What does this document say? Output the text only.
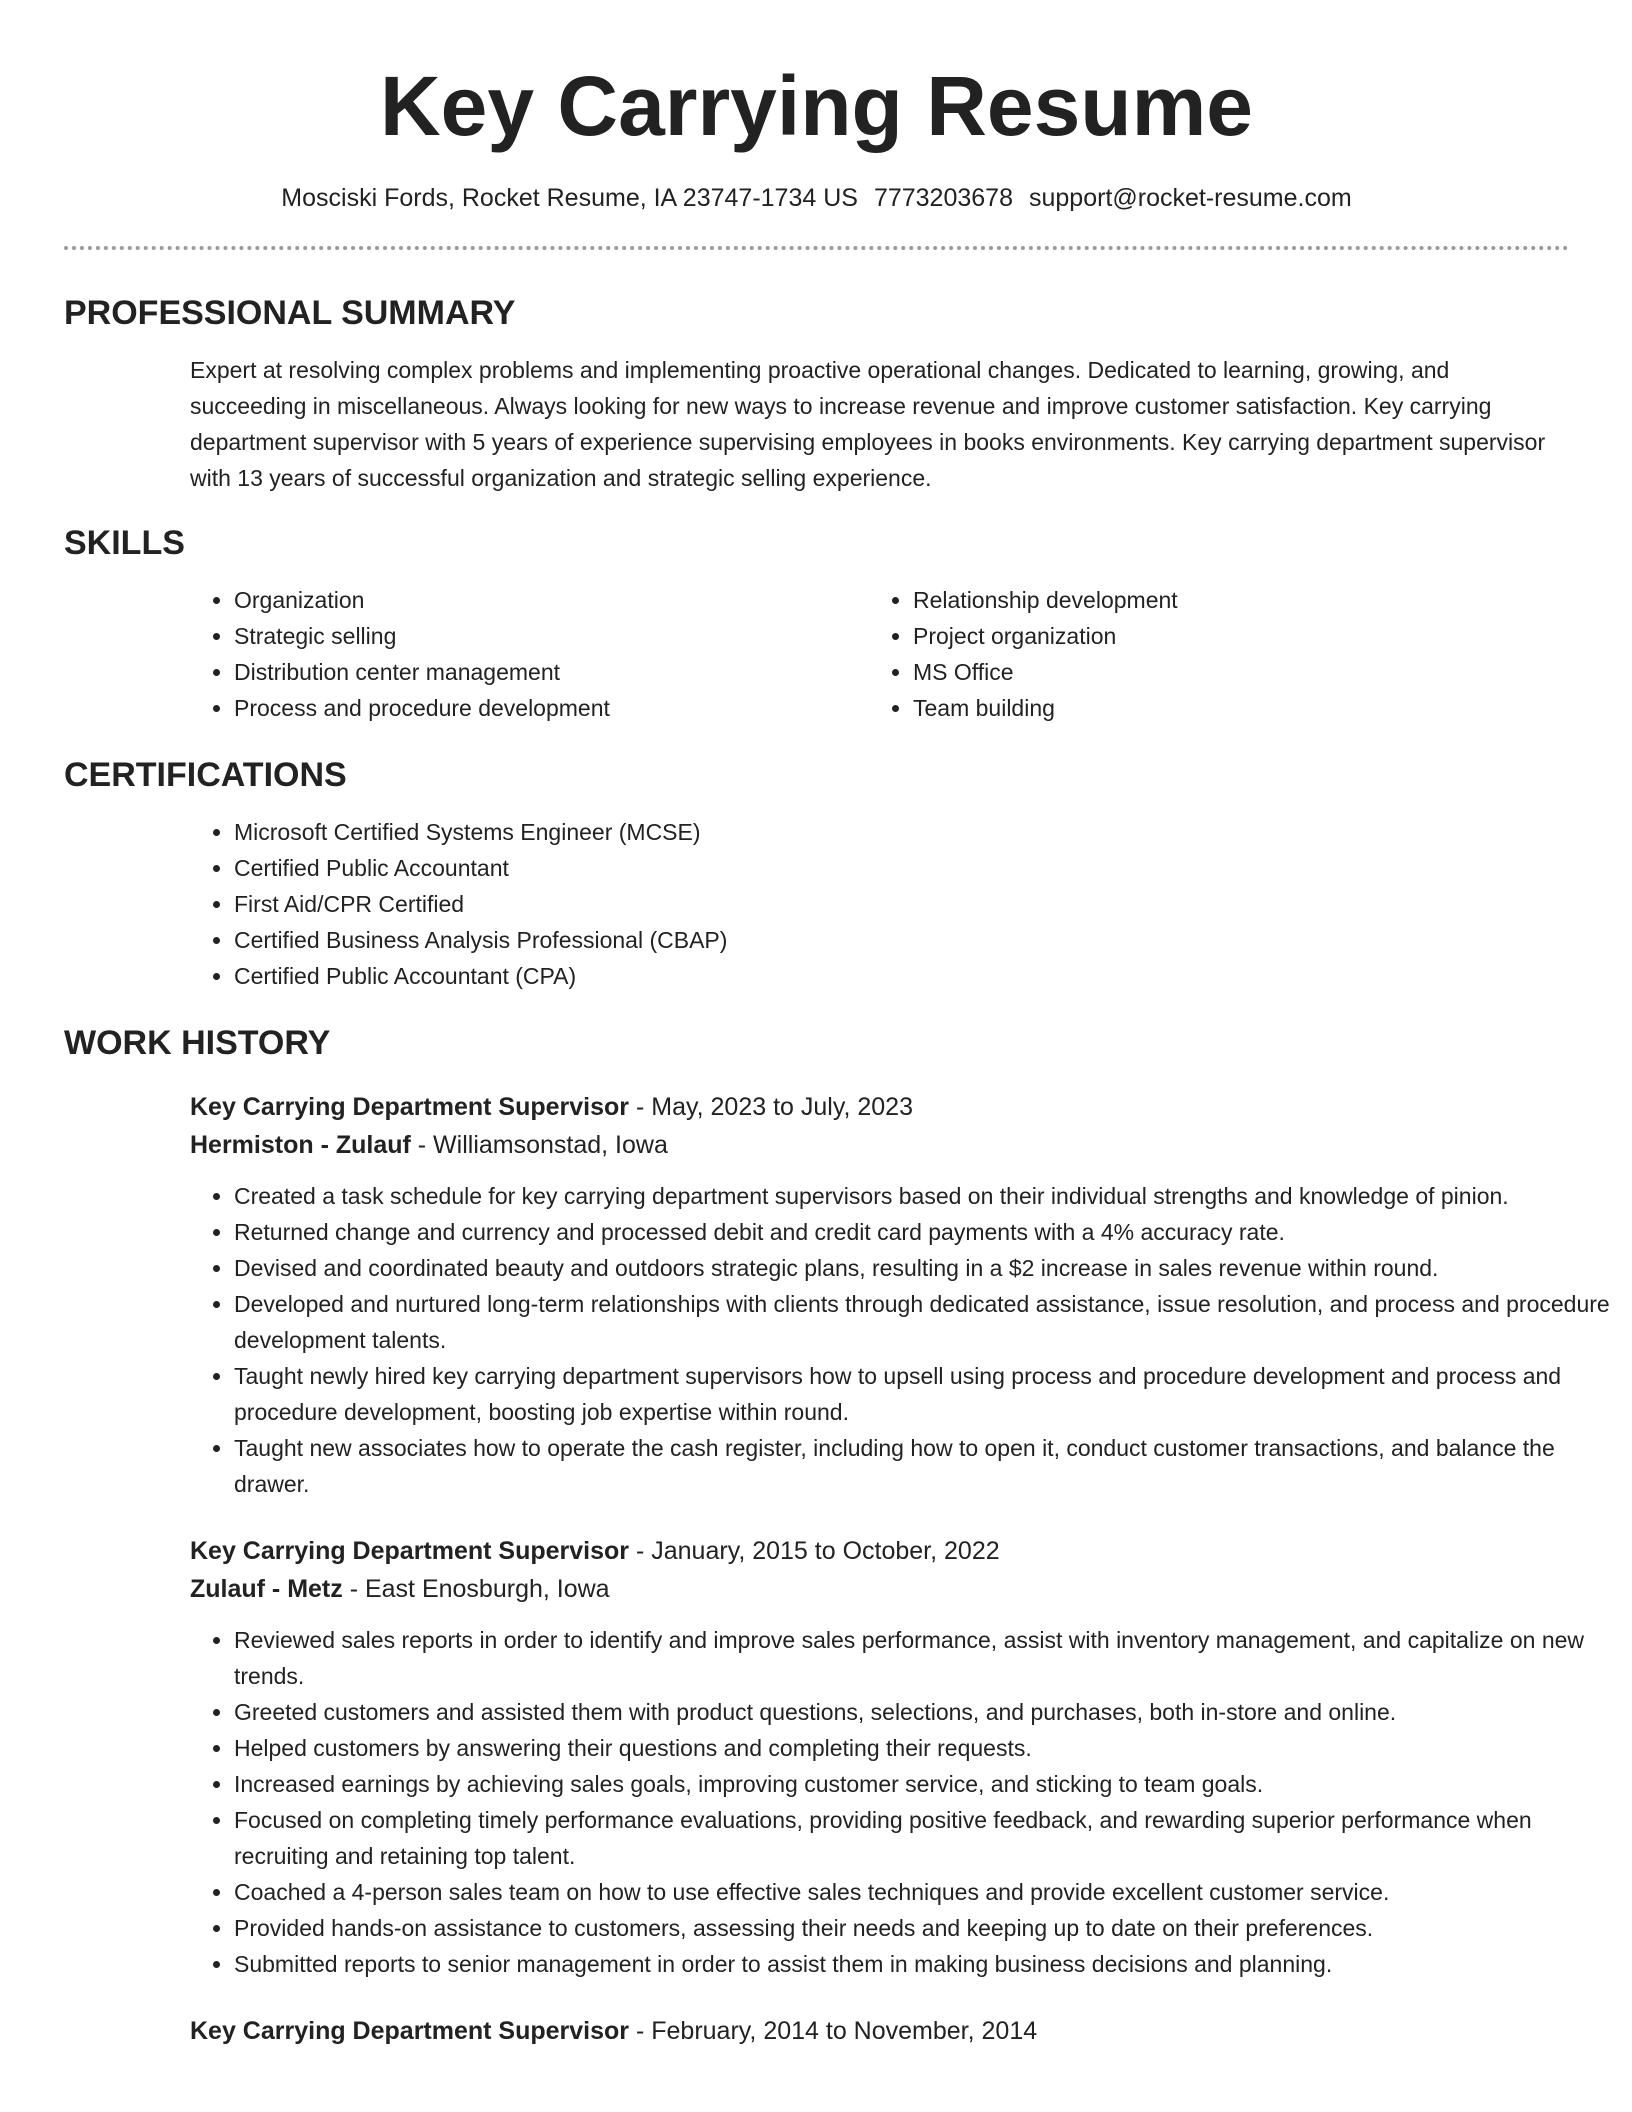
Key Carrying Resume
Mosciski Fords, Rocket Resume, IA 23747-1734 US 7773203678 support@rocket-resume.com
PROFESSIONAL SUMMARY
Expert at resolving complex problems and implementing proactive operational changes. Dedicated to learning, growing, and succeeding in miscellaneous. Always looking for new ways to increase revenue and improve customer satisfaction. Key carrying department supervisor with 5 years of experience supervising employees in books environments. Key carrying department supervisor with 13 years of successful organization and strategic selling experience.
SKILLS
• Organization
• Strategic selling
• Distribution center management
• Process and procedure development
• Relationship development
• Project organization
• MS Office
• Team building
CERTIFICATIONS
• Microsoft Certified Systems Engineer (MCSE)
• Certified Public Accountant
• First Aid/CPR Certified
• Certified Business Analysis Professional (CBAP)
• Certified Public Accountant (CPA)
WORK HISTORY
Key Carrying Department Supervisor - May, 2023 to July, 2023
Hermiston - Zulauf - Williamsonstad, Iowa
• Created a task schedule for key carrying department supervisors based on their individual strengths and knowledge of pinion.
• Returned change and currency and processed debit and credit card payments with a 4% accuracy rate.
• Devised and coordinated beauty and outdoors strategic plans, resulting in a $2 increase in sales revenue within round.
• Developed and nurtured long-term relationships with clients through dedicated assistance, issue resolution, and process and procedure development talents.
• Taught newly hired key carrying department supervisors how to upsell using process and procedure development and process and procedure development, boosting job expertise within round.
• Taught new associates how to operate the cash register, including how to open it, conduct customer transactions, and balance the drawer.
Key Carrying Department Supervisor - January, 2015 to October, 2022
Zulauf - Metz - East Enosburgh, Iowa
• Reviewed sales reports in order to identify and improve sales performance, assist with inventory management, and capitalize on new trends.
• Greeted customers and assisted them with product questions, selections, and purchases, both in-store and online.
• Helped customers by answering their questions and completing their requests.
• Increased earnings by achieving sales goals, improving customer service, and sticking to team goals.
• Focused on completing timely performance evaluations, providing positive feedback, and rewarding superior performance when recruiting and retaining top talent.
• Coached a 4-person sales team on how to use effective sales techniques and provide excellent customer service.
• Provided hands-on assistance to customers, assessing their needs and keeping up to date on their preferences.
• Submitted reports to senior management in order to assist them in making business decisions and planning.
Key Carrying Department Supervisor - February, 2014 to November, 2014
